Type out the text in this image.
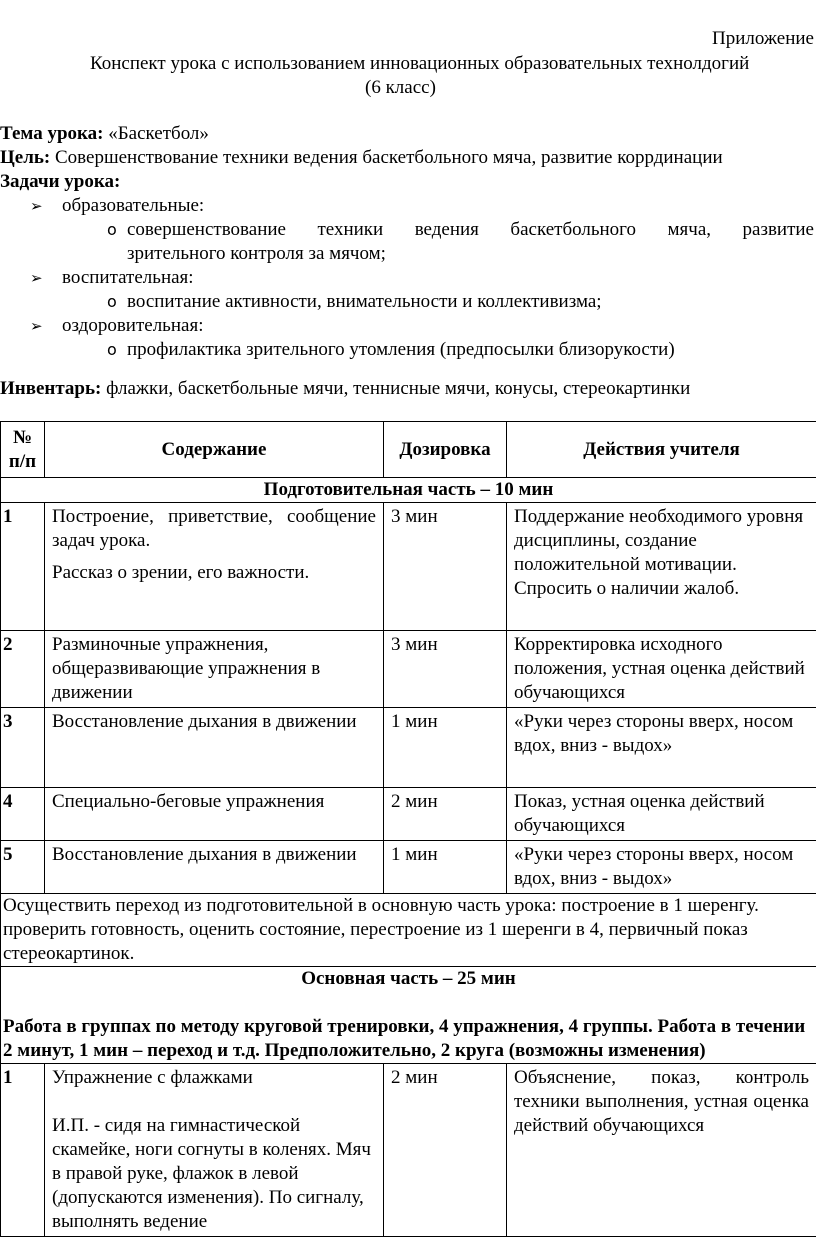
Приложение
Конспект урока с использованием инновационных образовательных технолдогий
(6 класс)
Тема урока: «Баскетбол»
Цель: Совершенствование техники ведения баскетбольного мяча, развитие коррдинации
Задачи урока:
➢ образовательные:
o совершенствование техники ведения баскетбольного мяча, развитие
зрительного контроля за мячом;
➢ воспитательная:
o воспитание активности, внимательности и коллективизма;
➢ оздоровительная:
o профилактика зрительного утомления (предпосылки близорукости)
Инвентарь: флажки, баскетбольные мячи, теннисные мячи, конусы, стереокартинки
№ п/п	Содержание	Дозировка	Действия учителя
Подготовительная часть – 10 мин			
1	Построение, приветствие, сообщение задач урока.

Рассказ о зрении, его важности.	3 мин	Поддержание необходимого уровня дисциплины, создание положительной мотивации. Спросить о наличии жалоб.
2	Разминочные упражнения, общеразвивающие упражнения в движении	3 мин	Корректировка исходного положения, устная оценка действий обучающихся
3	Восстановление дыхания в движении	1 мин	«Руки через стороны вверх, носом вдох, вниз - выдох»
4	Специально-беговые упражнения	2 мин	Показ, устная оценка действий обучающихся
5	Восстановление дыхания в движении	1 мин	«Руки через стороны вверх, носом вдох, вниз - выдох»
Осуществить переход из подготовительной в основную часть урока: построение в 1 шеренгу. проверить готовность, оценить состояние, перестроение из 1 шеренги в 4, первичный показ стереокартинок.			

Основная часть – 25 мин
Работа в группах по методу круговой тренировки, 4 упражнения, 4 группы. Работа в течении 2 минут, 1 мин – переход и т.д. Предположительно, 2 круга (возможны изменения)			

1	Упражнение с флажками

И.П. - сидя на гимнастической скамейке, ноги согнуты в коленях. Мяч в правой руке, флажок в левой (допускаются изменения). По сигналу, выполнять ведение	2 мин	Объяснение, показ, контроль техники выполнения, устная оценка действий обучающихся
